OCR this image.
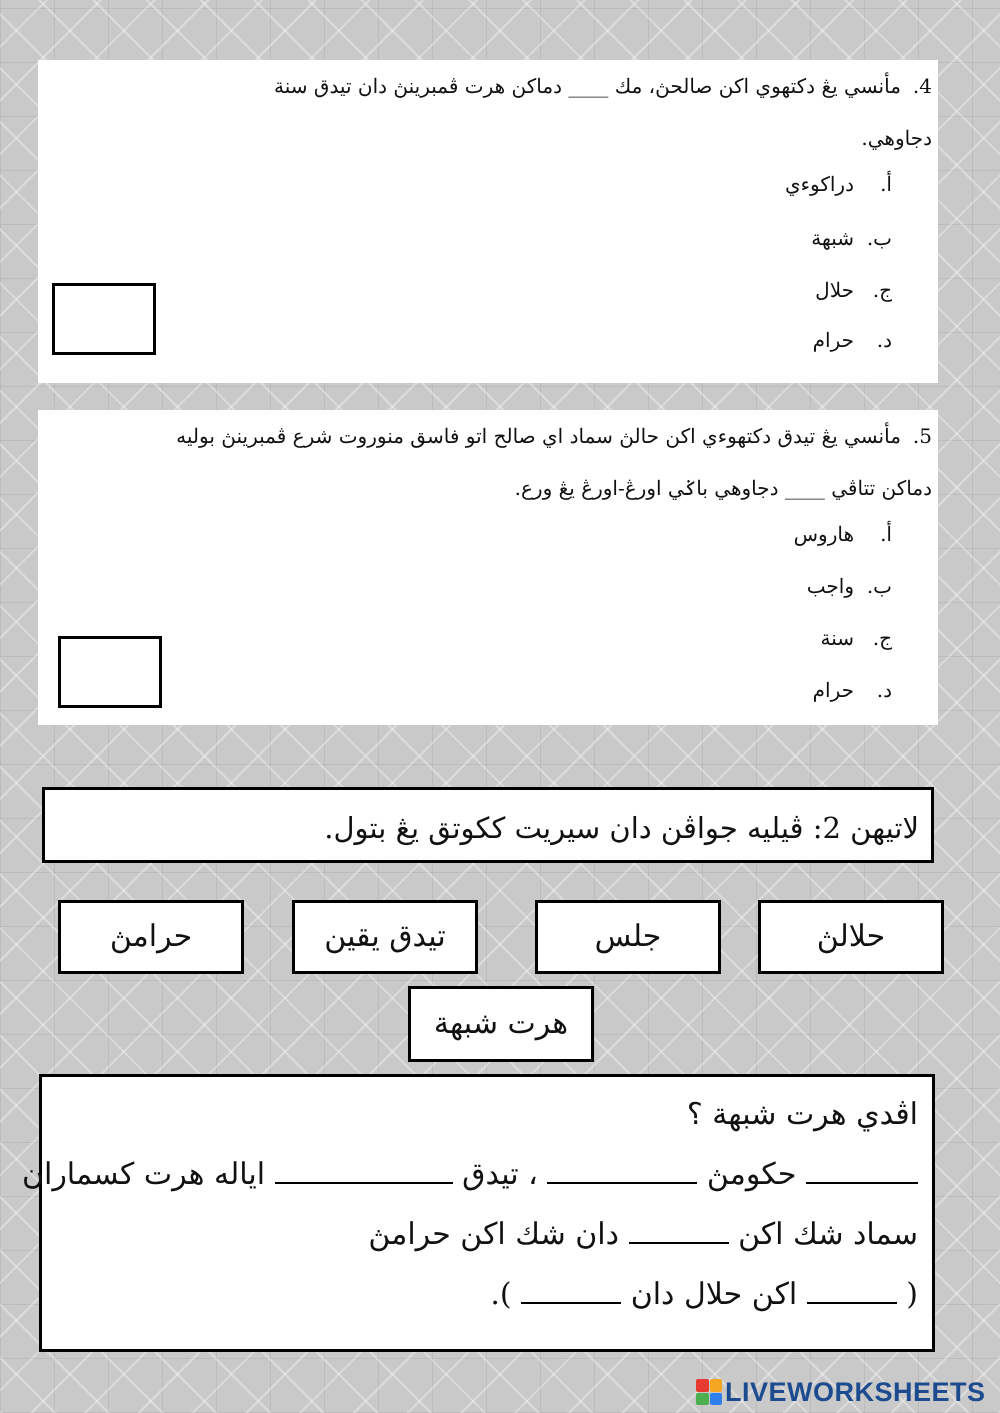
4.مأنسي يڠ دكتهوي اكن صالحڽ، مك ____ دماكن هرت ڤمبرينڽ دان تيدق سنة
دجاوهي.
أ.دراكوءي
ب.شبهة
ج.حلال
د.حرام
5.مأنسي يڠ تيدق دكتهوءي اكن حالڽ سماد اي صالح اتو فاسق منوروت شرع ڤمبرينڽ بوليه
دماكن تتاڤي ____ دجاوهي باݢي اورڠ-اورڠ يڠ ورع.
أ.هاروس
ب.واجب
ج.سنة
د.حرام
لاتيهن 2: ڤيليه جواڤن دان سيريت ككوتق يڠ بتول.
حلالڽ
جلس
تيدق يقين
حرامڽ
هرت شبهة
اڤدي هرت شبهة ؟
حكومڽ  ، تيدق  اياله هرت كسماران
سماد شك اكن  دان شك اكن حرامڽ
(  اكن حلال دان  ).
LIVEWORKSHEETS
